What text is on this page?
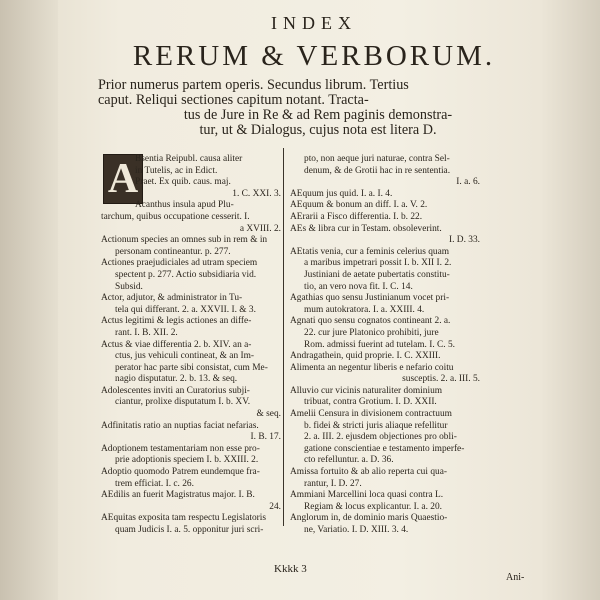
INDEX
RERUM & VERBORUM.
Prior numerus partem operis. Secundus librum. Tertius
caput. Reliqui sectiones capitum notant. Tracta-
tus de Jure in Re & ad Rem paginis demonstra-
tur, ut & Dialogus, cujus nota est litera D.
A
Bsentia Reipubl. causa aliter
in Tutelis, ac in Edict.
Praet. Ex quib. caus. maj.
1. C. XXI. 3.
Acanthus insula apud Plu-
tarchum, quibus occupatione cesserit. I.
a XVIII. 2.
Actionum species an omnes sub in rem & in
personam contineantur. p. 277.
Actiones praejudiciales ad utram speciem
spectent p. 277. Actio subsidiaria vid.
Subsid.
Actor, adjutor, & administrator in Tu-
tela qui differant. 2. a. XXVII. I. & 3.
Actus legitimi & legis actiones an diffe-
rant. I. B. XII. 2.
Actus & viae differentia 2. b. XIV. an a-
ctus, jus vehiculi contineat, & an Im-
perator hac parte sibi consistat, cum Me-
nagio disputatur. 2. b. 13. & seq.
Adolescentes inviti an Curatorius subji-
ciantur, prolixe disputatum I. b. XV.
& seq.
Adfinitatis ratio an nuptias faciat nefarias.
I. B. 17.
Adoptionem testamentariam non esse pro-
prie adoptionis speciem I. b. XXIII. 2.
Adoptio quomodo Patrem eundemque fra-
trem efficiat. I. c. 26.
AEdilis an fuerit Magistratus major. I. B.
24.
AEquitas exposita tam respectu Legislatoris
quam Judicis I. a. 5. opponitur juri scri-
pto, non aeque juri naturae, contra Sel-
denum, & de Grotii hac in re sententia.
I. a. 6.
AEquum jus quid. I. a. I. 4.
AEquum & bonum an diff. I. a. V. 2.
AErarii a Fisco differentia. I. b. 22.
AEs & libra cur in Testam. obsoleverint.
I. D. 33.
AEtatis venia, cur a feminis celerius quam
a maribus impetrari possit I. b. XII I. 2.
Justiniani de aetate pubertatis constitu-
tio, an vero nova fit. I. C. 14.
Agathias quo sensu Justinianum vocet pri-
mum autokratora. I. a. XXIII. 4.
Agnati quo sensu cognatos contineant 2. a.
22. cur jure Platonico prohibiti, jure
Rom. admissi fuerint ad tutelam. I. C. 5.
Andragathein, quid proprie. I. C. XXIII.
Alimenta an negentur liberis e nefario coitu
susceptis. 2. a. III. 5.
Alluvio cur vicinis naturaliter dominium
tribuat, contra Grotium. I. D. XXII.
Amelii Censura in divisionem contractuum
b. fidei & stricti juris aliaque refellitur
2. a. III. 2. ejusdem objectiones pro obli-
gatione conscientiae e testamento imperfe-
cto refelluntur. a. D. 36.
Amissa fortuito & ab alio reperta cui qua-
rantur, I. D. 27.
Ammiani Marcellini loca quasi contra L.
Regiam & locus explicantur. I. a. 20.
Anglorum in, de dominio maris Quaestio-
ne, Variatio. I. D. XIII. 3. 4.
Kkkk 3
Ani-
